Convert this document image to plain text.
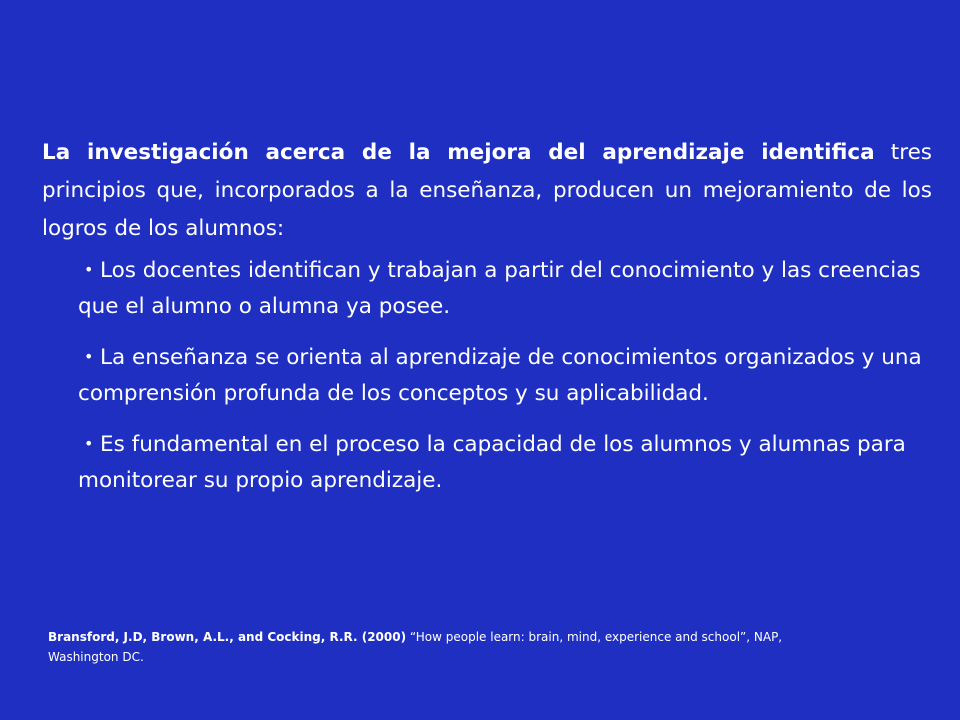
La investigación acerca de la mejora del aprendizaje identifica tres principios que, incorporados a la enseñanza, producen un mejoramiento de los logros de los alumnos:

• Los docentes identifican y trabajan a partir del conocimiento y las creencias que el alumno o alumna ya posee.
• La enseñanza se orienta al aprendizaje de conocimientos organizados y una comprensión profunda de los conceptos y su aplicabilidad.
• Es fundamental en el proceso la capacidad de los alumnos y alumnas para monitorear su propio aprendizaje.

Bransford, J.D, Brown, A.L., and Cocking, R.R. (2000) “How people learn: brain, mind, experience and school”, NAP, Washington DC.
